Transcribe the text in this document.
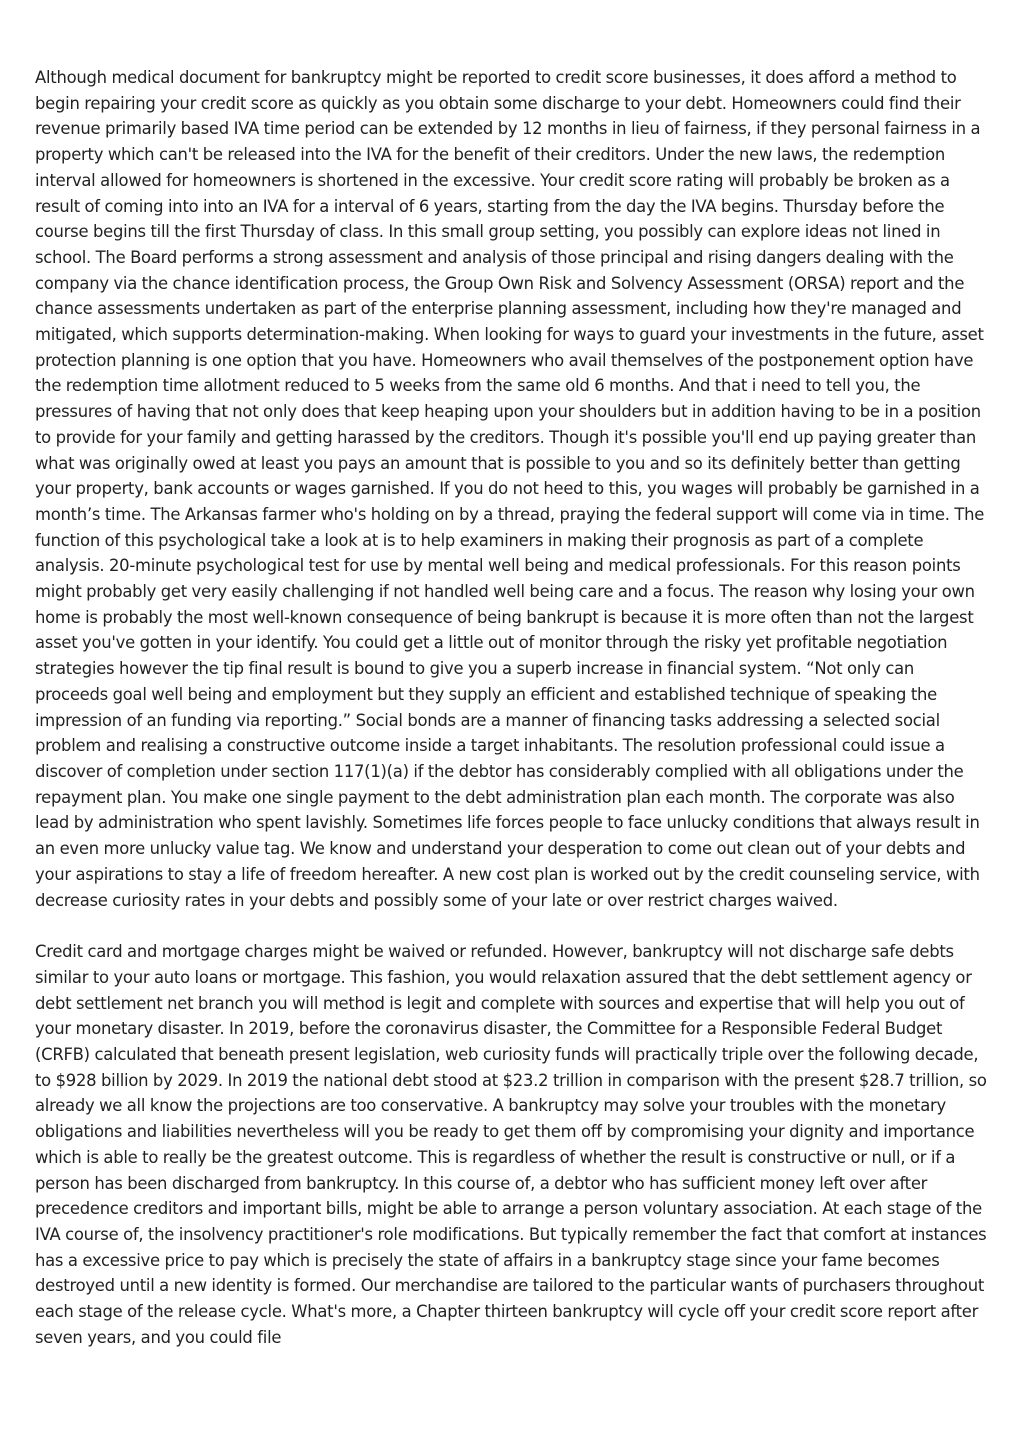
Although medical document for bankruptcy might be reported to credit score businesses, it does afford a method to begin repairing your credit score as quickly as you obtain some discharge to your debt. Homeowners could find their revenue primarily based IVA time period can be extended by 12 months in lieu of fairness, if they personal fairness in a property which can't be released into the IVA for the benefit of their creditors. Under the new laws, the redemption interval allowed for homeowners is shortened in the excessive. Your credit score rating will probably be broken as a result of coming into into an IVA for a interval of 6 years, starting from the day the IVA begins. Thursday before the course begins till the first Thursday of class. In this small group setting, you possibly can explore ideas not lined in school. The Board performs a strong assessment and analysis of those principal and rising dangers dealing with the company via the chance identification process, the Group Own Risk and Solvency Assessment (ORSA) report and the chance assessments undertaken as part of the enterprise planning assessment, including how they're managed and mitigated, which supports determination-making. When looking for ways to guard your investments in the future, asset protection planning is one option that you have. Homeowners who avail themselves of the postponement option have the redemption time allotment reduced to 5 weeks from the same old 6 months. And that i need to tell you, the pressures of having that not only does that keep heaping upon your shoulders but in addition having to be in a position to provide for your family and getting harassed by the creditors. Though it's possible you'll end up paying greater than what was originally owed at least you pays an amount that is possible to you and so its definitely better than getting your property, bank accounts or wages garnished. If you do not heed to this, you wages will probably be garnished in a month’s time. The Arkansas farmer who's holding on by a thread, praying the federal support will come via in time. The function of this psychological take a look at is to help examiners in making their prognosis as part of a complete analysis. 20-minute psychological test for use by mental well being and medical professionals. For this reason points might probably get very easily challenging if not handled well being care and a focus. The reason why losing your own home is probably the most well-known consequence of being bankrupt is because it is more often than not the largest asset you've gotten in your identify. You could get a little out of monitor through the risky yet profitable negotiation strategies however the tip final result is bound to give you a superb increase in financial system. “Not only can proceeds goal well being and employment but they supply an efficient and established technique of speaking the impression of an funding via reporting.” Social bonds are a manner of financing tasks addressing a selected social problem and realising a constructive outcome inside a target inhabitants. The resolution professional could issue a discover of completion under section 117(1)(a) if the debtor has considerably complied with all obligations under the repayment plan. You make one single payment to the debt administration plan each month. The corporate was also lead by administration who spent lavishly. Sometimes life forces people to face unlucky conditions that always result in an even more unlucky value tag. We know and understand your desperation to come out clean out of your debts and your aspirations to stay a life of freedom hereafter. A new cost plan is worked out by the credit counseling service, with decrease curiosity rates in your debts and possibly some of your late or over restrict charges waived.

Credit card and mortgage charges might be waived or refunded. However, bankruptcy will not discharge safe debts similar to your auto loans or mortgage. This fashion, you would relaxation assured that the debt settlement agency or debt settlement net branch you will method is legit and complete with sources and expertise that will help you out of your monetary disaster. In 2019, before the coronavirus disaster, the Committee for a Responsible Federal Budget (CRFB) calculated that beneath present legislation, web curiosity funds will practically triple over the following decade, to $928 billion by 2029. In 2019 the national debt stood at $23.2 trillion in comparison with the present $28.7 trillion, so already we all know the projections are too conservative. A bankruptcy may solve your troubles with the monetary obligations and liabilities nevertheless will you be ready to get them off by compromising your dignity and importance which is able to really be the greatest outcome. This is regardless of whether the result is constructive or null, or if a person has been discharged from bankruptcy. In this course of, a debtor who has sufficient money left over after precedence creditors and important bills, might be able to arrange a person voluntary association. At each stage of the IVA course of, the insolvency practitioner's role modifications. But typically remember the fact that comfort at instances has a excessive price to pay which is precisely the state of affairs in a bankruptcy stage since your fame becomes destroyed until a new identity is formed. Our merchandise are tailored to the particular wants of purchasers throughout each stage of the release cycle. What's more, a Chapter thirteen bankruptcy will cycle off your credit score report after seven years, and you could file
